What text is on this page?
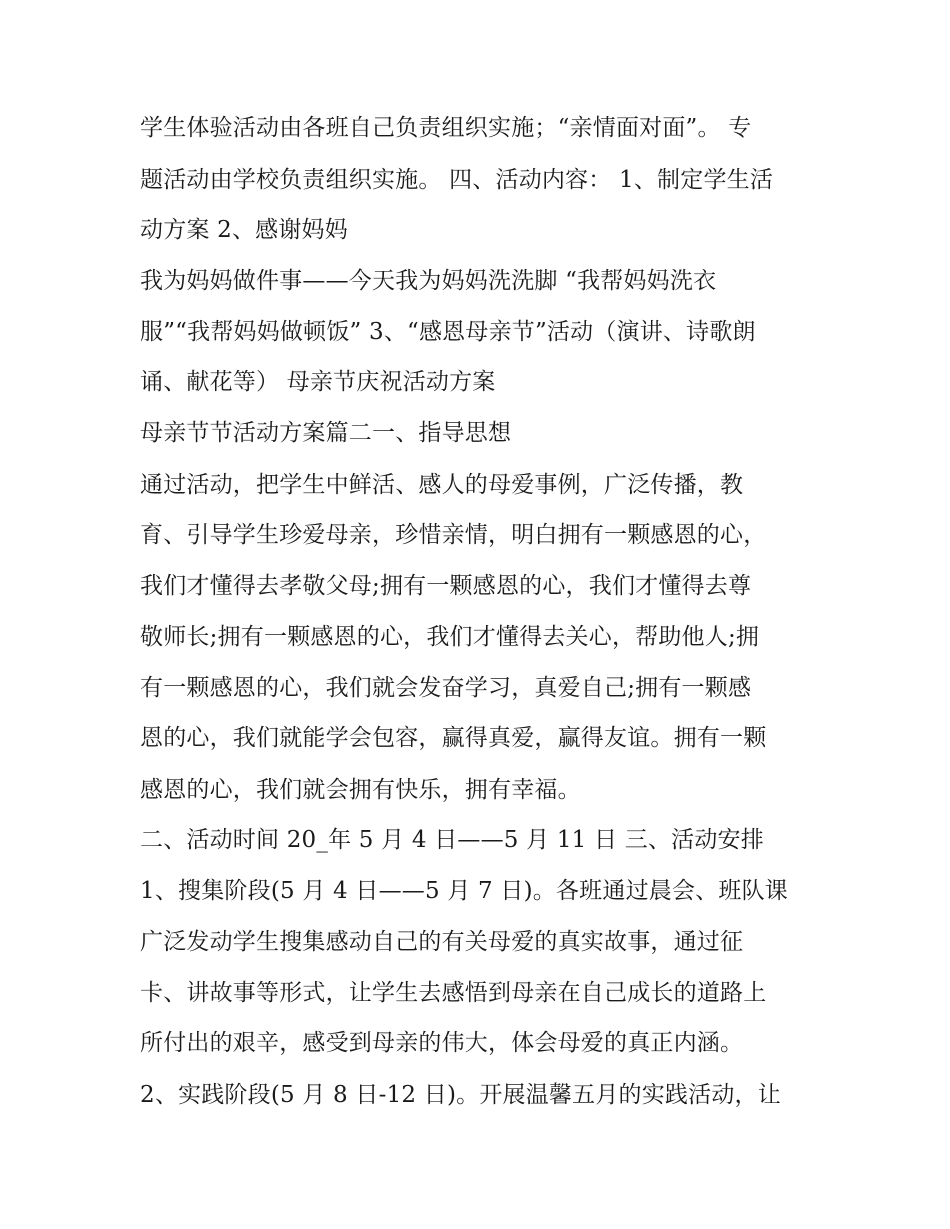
学生体验活动由各班自己负责组织实施；“亲情面对面”。 专
题活动由学校负责组织实施。 四、活动内容： 1、制定学生活
动方案 2、感谢妈妈
我为妈妈做件事——今天我为妈妈洗洗脚 “我帮妈妈洗衣
服”“我帮妈妈做顿饭” 3、“感恩母亲节”活动（演讲、诗歌朗
诵、献花等） 母亲节庆祝活动方案
母亲节节活动方案篇二一、指导思想
通过活动，把学生中鲜活、感人的母爱事例，广泛传播，教
育、引导学生珍爱母亲，珍惜亲情，明白拥有一颗感恩的心，
我们才懂得去孝敬父母;拥有一颗感恩的心，我们才懂得去尊
敬师长;拥有一颗感恩的心，我们才懂得去关心，帮助他人;拥
有一颗感恩的心，我们就会发奋学习，真爱自己;拥有一颗感
恩的心，我们就能学会包容，赢得真爱，赢得友谊。拥有一颗
感恩的心，我们就会拥有快乐，拥有幸福。
二、活动时间 20_年 5 月 4 日——5 月 11 日 三、活动安排
1、搜集阶段(5 月 4 日——5 月 7 日)。各班通过晨会、班队课
广泛发动学生搜集感动自己的有关母爱的真实故事，通过征
卡、讲故事等形式，让学生去感悟到母亲在自己成长的道路上
所付出的艰辛，感受到母亲的伟大，体会母爱的真正内涵。
2、实践阶段(5 月 8 日-12 日)。开展温馨五月的实践活动，让
